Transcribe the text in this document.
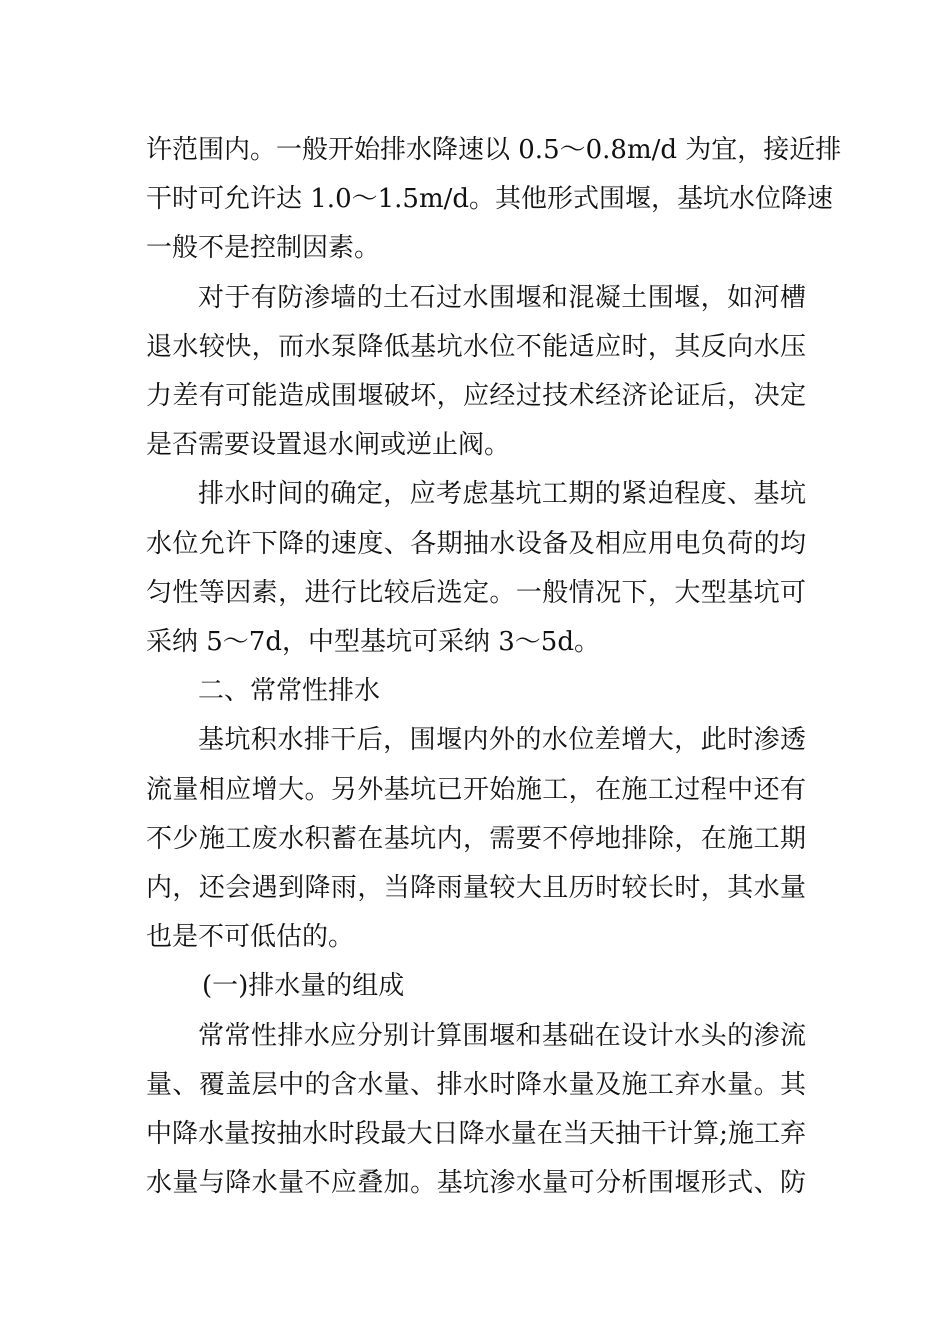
许范围内。一般开始排水降速以 0.5～0.8m/d 为宜，接近排
干时可允许达 1.0～1.5m/d。其他形式围堰，基坑水位降速
一般不是控制因素。
对于有防渗墙的土石过水围堰和混凝土围堰，如河槽
退水较快，而水泵降低基坑水位不能适应时，其反向水压
力差有可能造成围堰破坏，应经过技术经济论证后，决定
是否需要设置退水闸或逆止阀。
排水时间的确定，应考虑基坑工期的紧迫程度、基坑
水位允许下降的速度、各期抽水设备及相应用电负荷的均
匀性等因素，进行比较后选定。一般情况下，大型基坑可
采纳 5～7d，中型基坑可采纳 3～5d。
二、常常性排水
基坑积水排干后，围堰内外的水位差增大，此时渗透
流量相应增大。另外基坑已开始施工，在施工过程中还有
不少施工废水积蓄在基坑内，需要不停地排除，在施工期
内，还会遇到降雨，当降雨量较大且历时较长时，其水量
也是不可低估的。
(一)排水量的组成
常常性排水应分别计算围堰和基础在设计水头的渗流
量、覆盖层中的含水量、排水时降水量及施工弃水量。其
中降水量按抽水时段最大日降水量在当天抽干计算;施工弃
水量与降水量不应叠加。基坑渗水量可分析围堰形式、防
